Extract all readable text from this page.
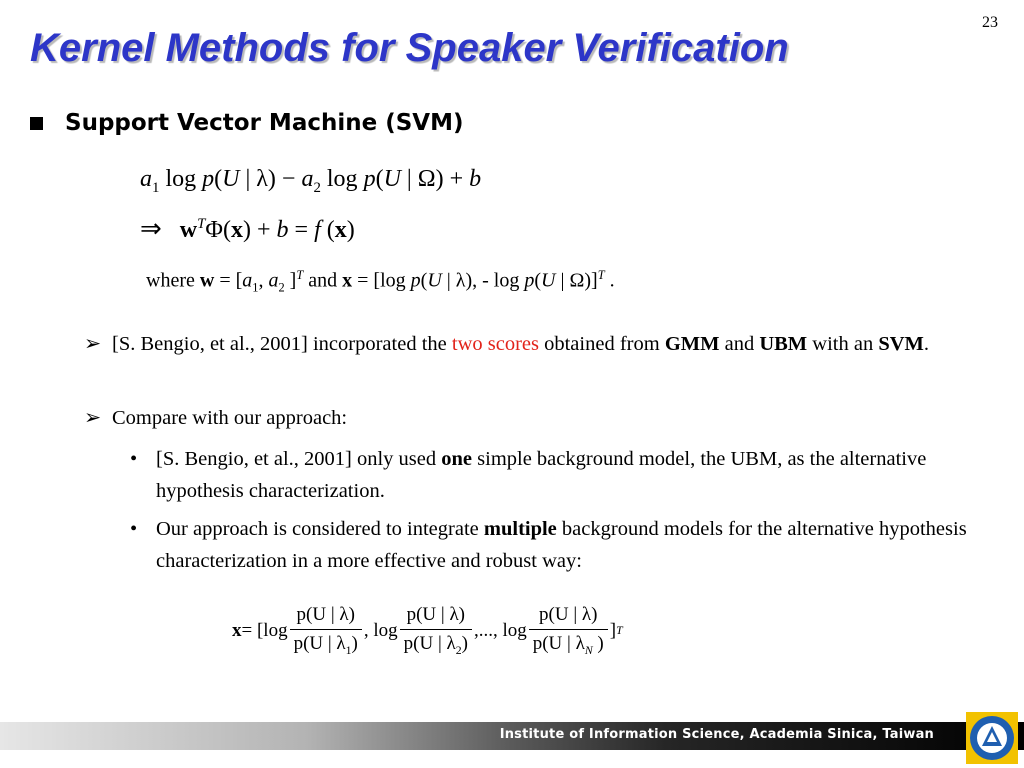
23
Kernel Methods for Speaker Verification
Support Vector Machine (SVM)
$a_1$ log p(U | $\lambda) - a_2$ log p(U | Ω) + b
⇒ $w^T\Phi(x) + b = f$ (x)
where $w = [a_1$, $a_2$ ]$^T$ and x = [log p(U | λ), - log p(U | Ω)]$^T$ .
➢ [S. Bengio, et al., 2001] incorporated the two scores obtained from GMM and UBM with an SVM.
➢ Compare with our approach:
• [S. Bengio, et al., 2001] only used one simple background model, the UBM, as the alternative hypothesis characterization.
• Our approach is considered to integrate multiple background models for the alternative hypothesis characterization in a more effective and robust way:
$x = [\log \frac{p(U | \lambda)}{p(U | \lambda_1)}$ , $\log \frac{p(U | \lambda)}{p(U | \lambda_2)}$ ,..., $\log \frac{p(U | \lambda)}{p(U | \lambda_N )}$ ] T
Institute of Information Science, Academia Sinica, Taiwan
